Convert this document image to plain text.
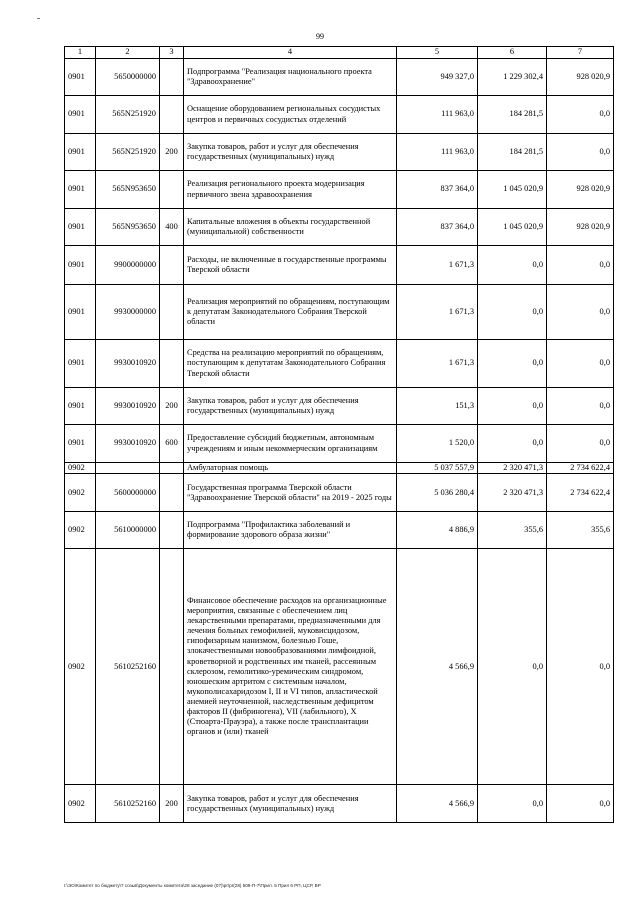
99
1	2	3	4	5	6	7
0901	5650000000		Подпрограмма "Реализация национального проекта "Здравоохранение"	949 327,0	1 229 302,4	928 020,9
0901	565N251920		Оснащение оборудованием региональных сосудистых центров и первичных сосудистых отделений	111 963,0	184 281,5	0,0
0901	565N251920	200	Закупка товаров, работ и услуг для обеспечения государственных (муниципальных) нужд	111 963,0	184 281,5	0,0
0901	565N953650		Реализация регионального проекта модернизация первичного звена здравоохранения	837 364,0	1 045 020,9	928 020,9
0901	565N953650	400	Капитальные вложения в объекты государственной (муниципальной) собственности	837 364,0	1 045 020,9	928 020,9
0901	9900000000		Расходы, не включенные в государственные программы Тверской области	1 671,3	0,0	0,0
0901	9930000000		Реализация мероприятий по обращениям, поступающим к депутатам Законодательного Собрания Тверской области	1 671,3	0,0	0,0
0901	9930010920		Средства на реализацию мероприятий по обращениям, поступающим к депутатам Законодательного Собрания Тверской области	1 671,3	0,0	0,0
0901	9930010920	200	Закупка товаров, работ и услуг для обеспечения государственных (муниципальных) нужд	151,3	0,0	0,0
0901	9930010920	600	Предоставление субсидий бюджетным, автономным учреждениям и иным некоммерческим организациям	1 520,0	0,0	0,0
0902			Амбулаторная помощь	5 037 557,9	2 320 471,3	2 734 622,4
0902	5600000000		Государственная программа Тверской области "Здравоохранение Тверской области" на 2019 - 2025 годы	5 036 280,4	2 320 471,3	2 734 622,4
0902	5610000000		Подпрограмма "Профилактика заболеваний и формирование здорового образа жизни"	4 886,9	355,6	355,6
0902	5610252160		Финансовое обеспечение расходов на организационные мероприятия, связанные с обеспечением лиц лекарственными препаратами, предназначенными для лечения больных гемофилией, муковисцидозом, гипофизарным нанизмом, болезнью Гоше, злокачественными новообразованиями лимфоидной, кроветворной и родственных им тканей, рассеянным склерозом, гемолитико-уремическим синдромом, юношеским артритом с системным началом, мукополисахаридозом I, II и VI типов, апластической анемией неуточненной, наследственным дефицитом факторов II (фибриногена), VII (лабильного), X (Стюарта-Прауэра), а также после трансплантации органов и (или) тканей	4 566,9	0,0	0,0
0902	5610252160	200	Закупка товаров, работ и услуг для обеспечения государственных (муниципальных) нужд	4 566,9	0,0	0,0
I:\ЭО\Комитет по бюджету\7 созыв\Документы комитета\28 заседание (07)\pr\pr(28) 509-П-7\Прил. 5 Прил 6 РП, ЦСР, ВР
